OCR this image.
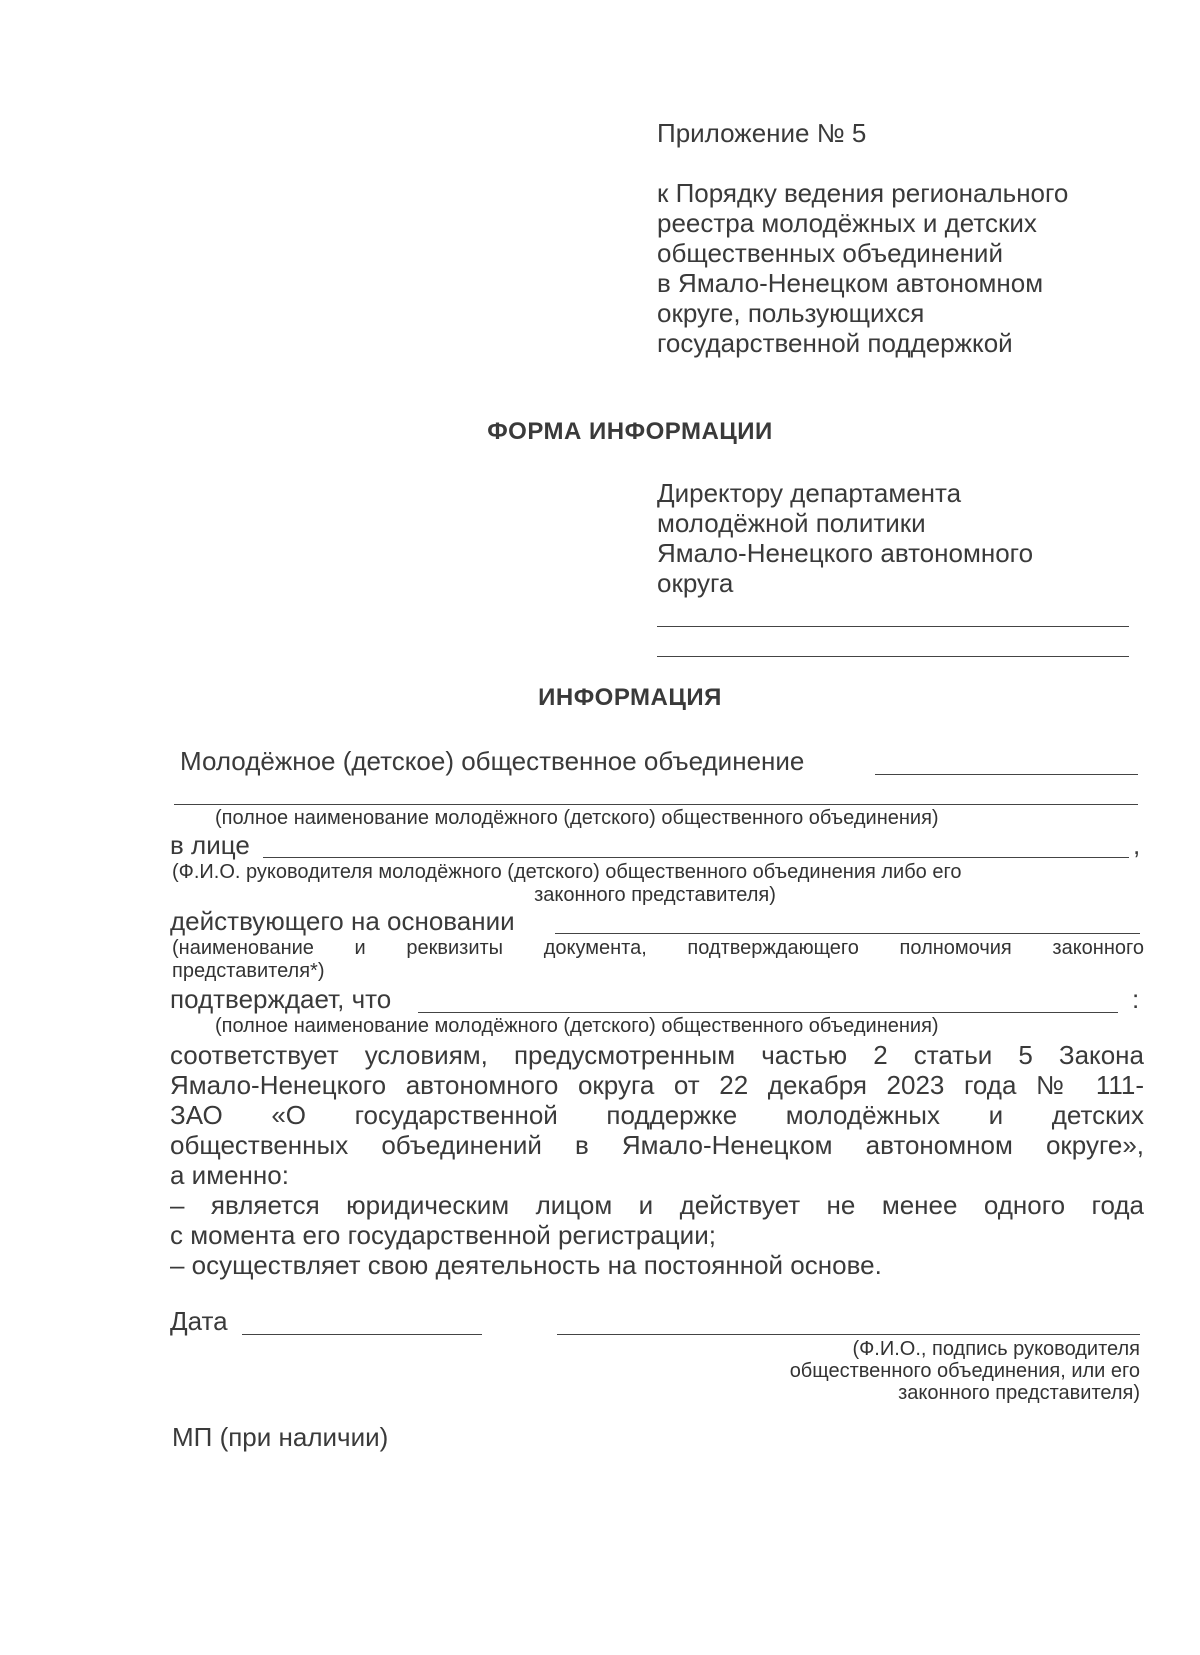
Приложение № 5
к Порядку ведения регионального
реестра молодёжных и детских
общественных объединений
в Ямало-Ненецком автономном
округе, пользующихся
государственной поддержкой
ФОРМА ИНФОРМАЦИИ
Директору департамента
молодёжной политики
Ямало-Ненецкого автономного
округа
ИНФОРМАЦИЯ
Молодёжное (детское) общественное объединение
(полное наименование молодёжного (детского) общественного объединения)
в лице	,
(Ф.И.О. руководителя молодёжного (детского) общественного объединения либо его
законного представителя)
действующего на основании
(наименование и реквизиты документа, подтверждающего полномочия законного
представителя*)
подтверждает, что	:
(полное наименование молодёжного (детского) общественного объединения)
соответствует условиям, предусмотренным частью 2 статьи 5 Закона
Ямало-Ненецкого автономного округа от 22 декабря 2023 года № 111-
ЗАО «О государственной поддержке молодёжных и детских
общественных объединений в Ямало-Ненецком автономном округе»,
а именно:
– является юридическим лицом и действует не менее одного года
с момента его государственной регистрации;
– осуществляет свою деятельность на постоянной основе.
Дата
(Ф.И.О., подпись руководителя
общественного объединения, или его
законного представителя)
МП (при наличии)
